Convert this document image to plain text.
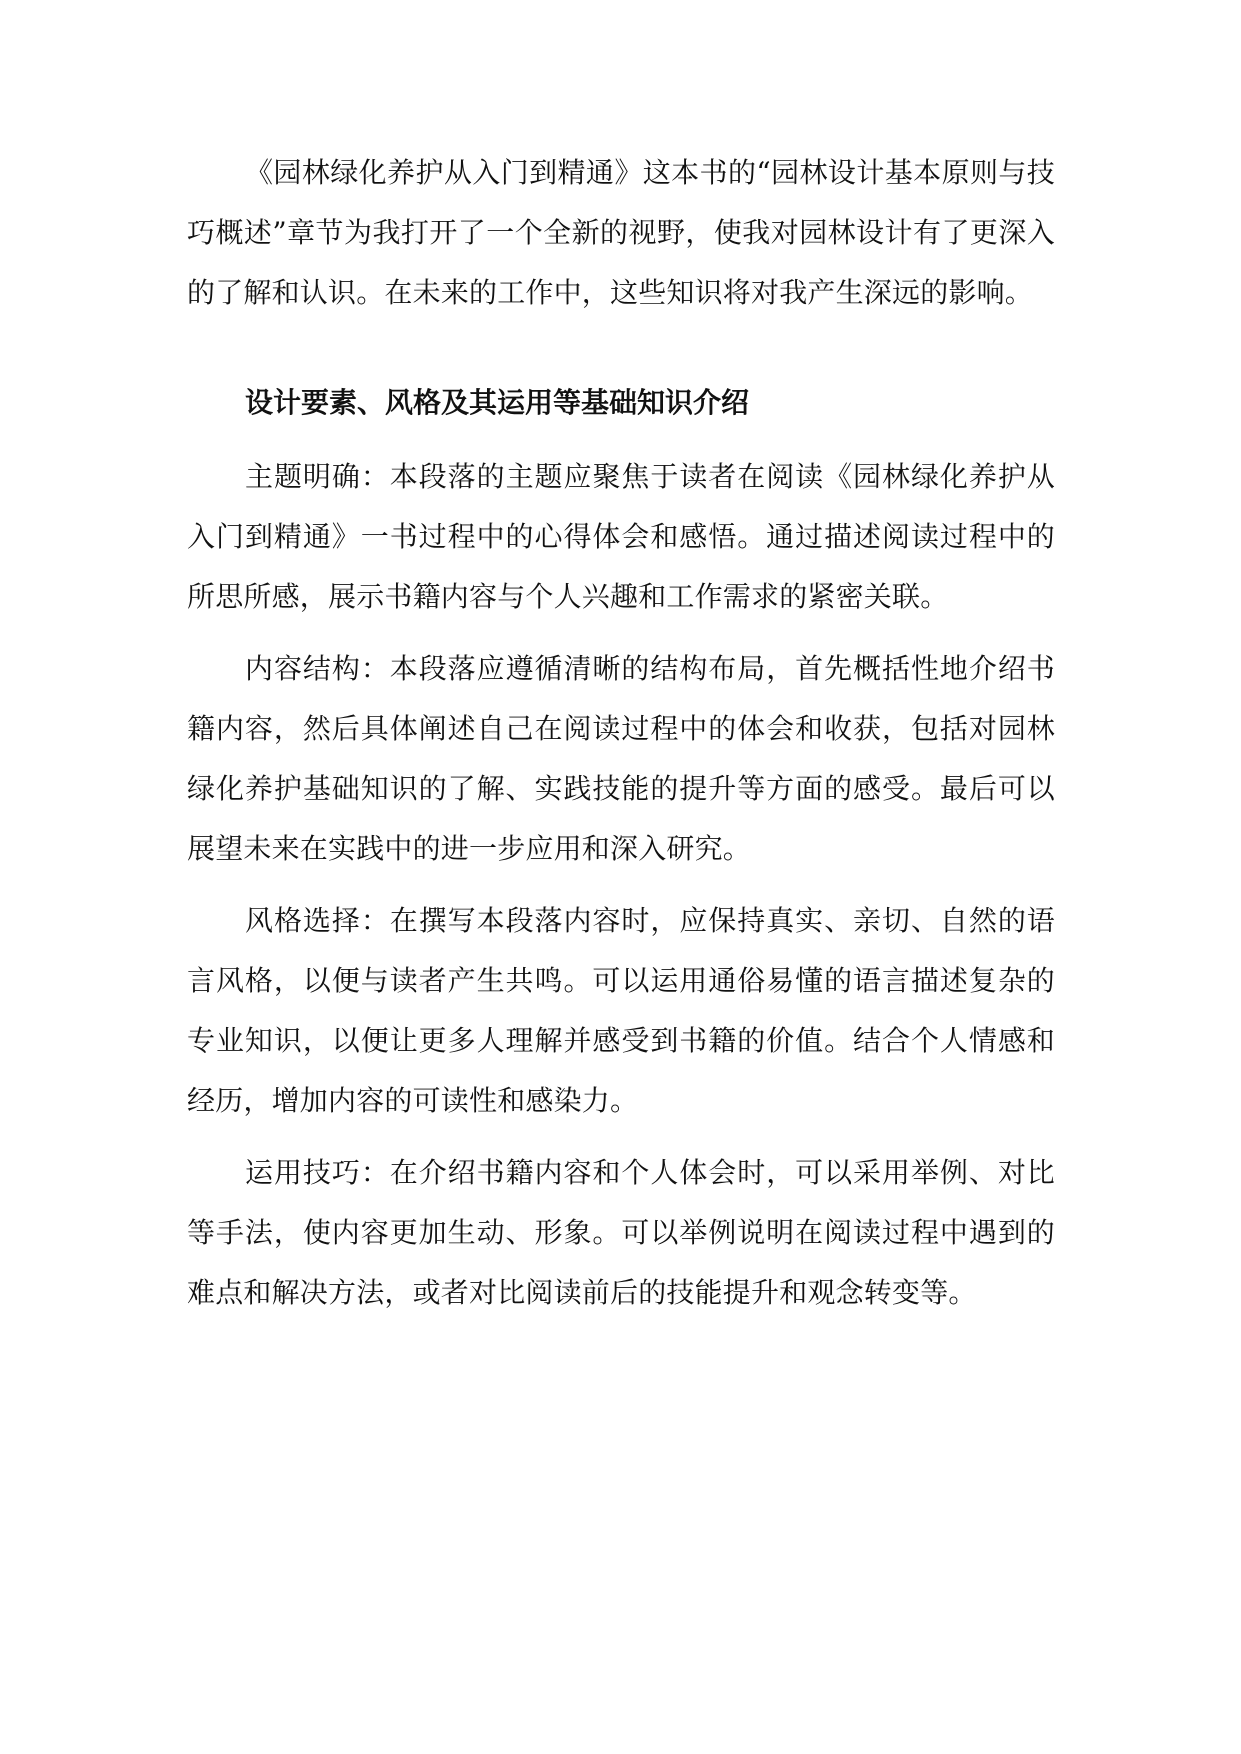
《园林绿化养护从入门到精通》这本书的“园林设计基本原则与技巧概述”章节为我打开了一个全新的视野，使我对园林设计有了更深入的了解和认识。在未来的工作中，这些知识将对我产生深远的影响。

设计要素、风格及其运用等基础知识介绍

主题明确：本段落的主题应聚焦于读者在阅读《园林绿化养护从入门到精通》一书过程中的心得体会和感悟。通过描述阅读过程中的所思所感，展示书籍内容与个人兴趣和工作需求的紧密关联。

内容结构：本段落应遵循清晰的结构布局，首先概括性地介绍书籍内容，然后具体阐述自己在阅读过程中的体会和收获，包括对园林绿化养护基础知识的了解、实践技能的提升等方面的感受。最后可以展望未来在实践中的进一步应用和深入研究。

风格选择：在撰写本段落内容时，应保持真实、亲切、自然的语言风格，以便与读者产生共鸣。可以运用通俗易懂的语言描述复杂的专业知识，以便让更多人理解并感受到书籍的价值。结合个人情感和经历，增加内容的可读性和感染力。

运用技巧：在介绍书籍内容和个人体会时，可以采用举例、对比等手法，使内容更加生动、形象。可以举例说明在阅读过程中遇到的难点和解决方法，或者对比阅读前后的技能提升和观念转变等。
